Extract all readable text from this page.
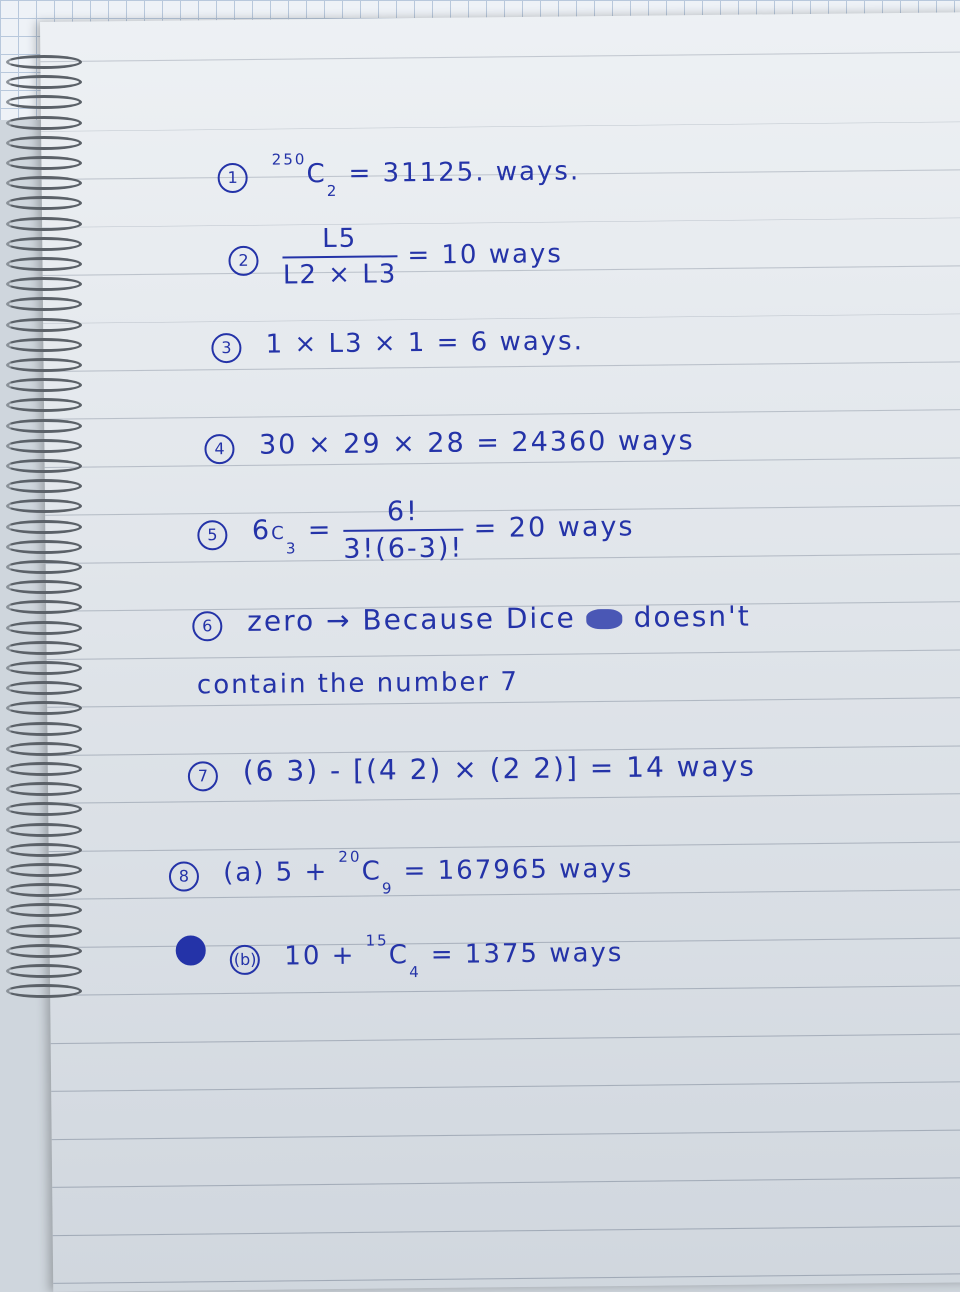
1 $^{250}C_2 = 31125$. ways.
$2 \frac{L5}{L2 \times L3} = 10$ ways
3 1 × L3 × 1 = 6 ways.
4 30 × 29 × 28 = 24360 ways
5 $6C_3 = \frac{6!}{3!(6-3)!} = 20$ ways
6 zero → Because Dice doesn't
contain the number 7
7 (6 3) - [(4 2) × (2 2)] = 14 ways
8 (a) $5 + ^{20}C_9 = 167965$ ways
(b) $10 + ^{15}C_4 = 1375$ ways
